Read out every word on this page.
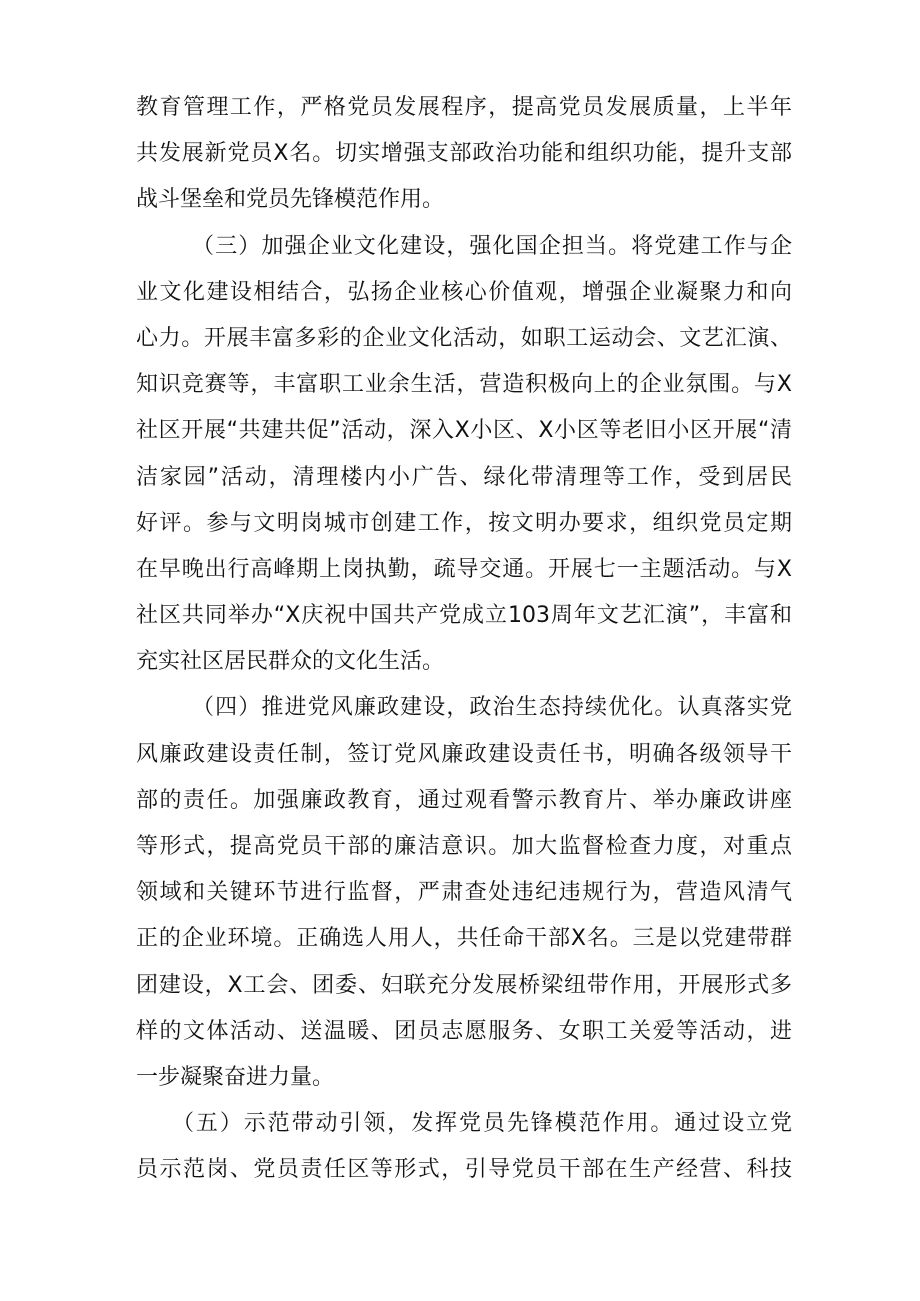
教育管理工作，严格党员发展程序，提高党员发展质量，上半年
共发展新党员X名。切实增强支部政治功能和组织功能，提升支部
战斗堡垒和党员先锋模范作用。
（三）加强企业文化建设，强化国企担当。将党建工作与企
业文化建设相结合，弘扬企业核心价值观，增强企业凝聚力和向
心力。开展丰富多彩的企业文化活动，如职工运动会、文艺汇演、
知识竞赛等，丰富职工业余生活，营造积极向上的企业氛围。与X
社区开展“共建共促”活动，深入X小区、X小区等老旧小区开展“清
洁家园”活动，清理楼内小广告、绿化带清理等工作，受到居民
好评。参与文明岗城市创建工作，按文明办要求，组织党员定期
在早晚出行高峰期上岗执勤，疏导交通。开展七一主题活动。与X
社区共同举办“X庆祝中国共产党成立103周年文艺汇演”，丰富和
充实社区居民群众的文化生活。
（四）推进党风廉政建设，政治生态持续优化。认真落实党
风廉政建设责任制，签订党风廉政建设责任书，明确各级领导干
部的责任。加强廉政教育，通过观看警示教育片、举办廉政讲座
等形式，提高党员干部的廉洁意识。加大监督检查力度，对重点
领域和关键环节进行监督，严肃查处违纪违规行为，营造风清气
正的企业环境。正确选人用人，共任命干部X名。三是以党建带群
团建设，X工会、团委、妇联充分发展桥梁纽带作用，开展形式多
样的文体活动、送温暖、团员志愿服务、女职工关爱等活动，进
一步凝聚奋进力量。
（五）示范带动引领，发挥党员先锋模范作用。通过设立党
员示范岗、党员责任区等形式，引导党员干部在生产经营、科技
